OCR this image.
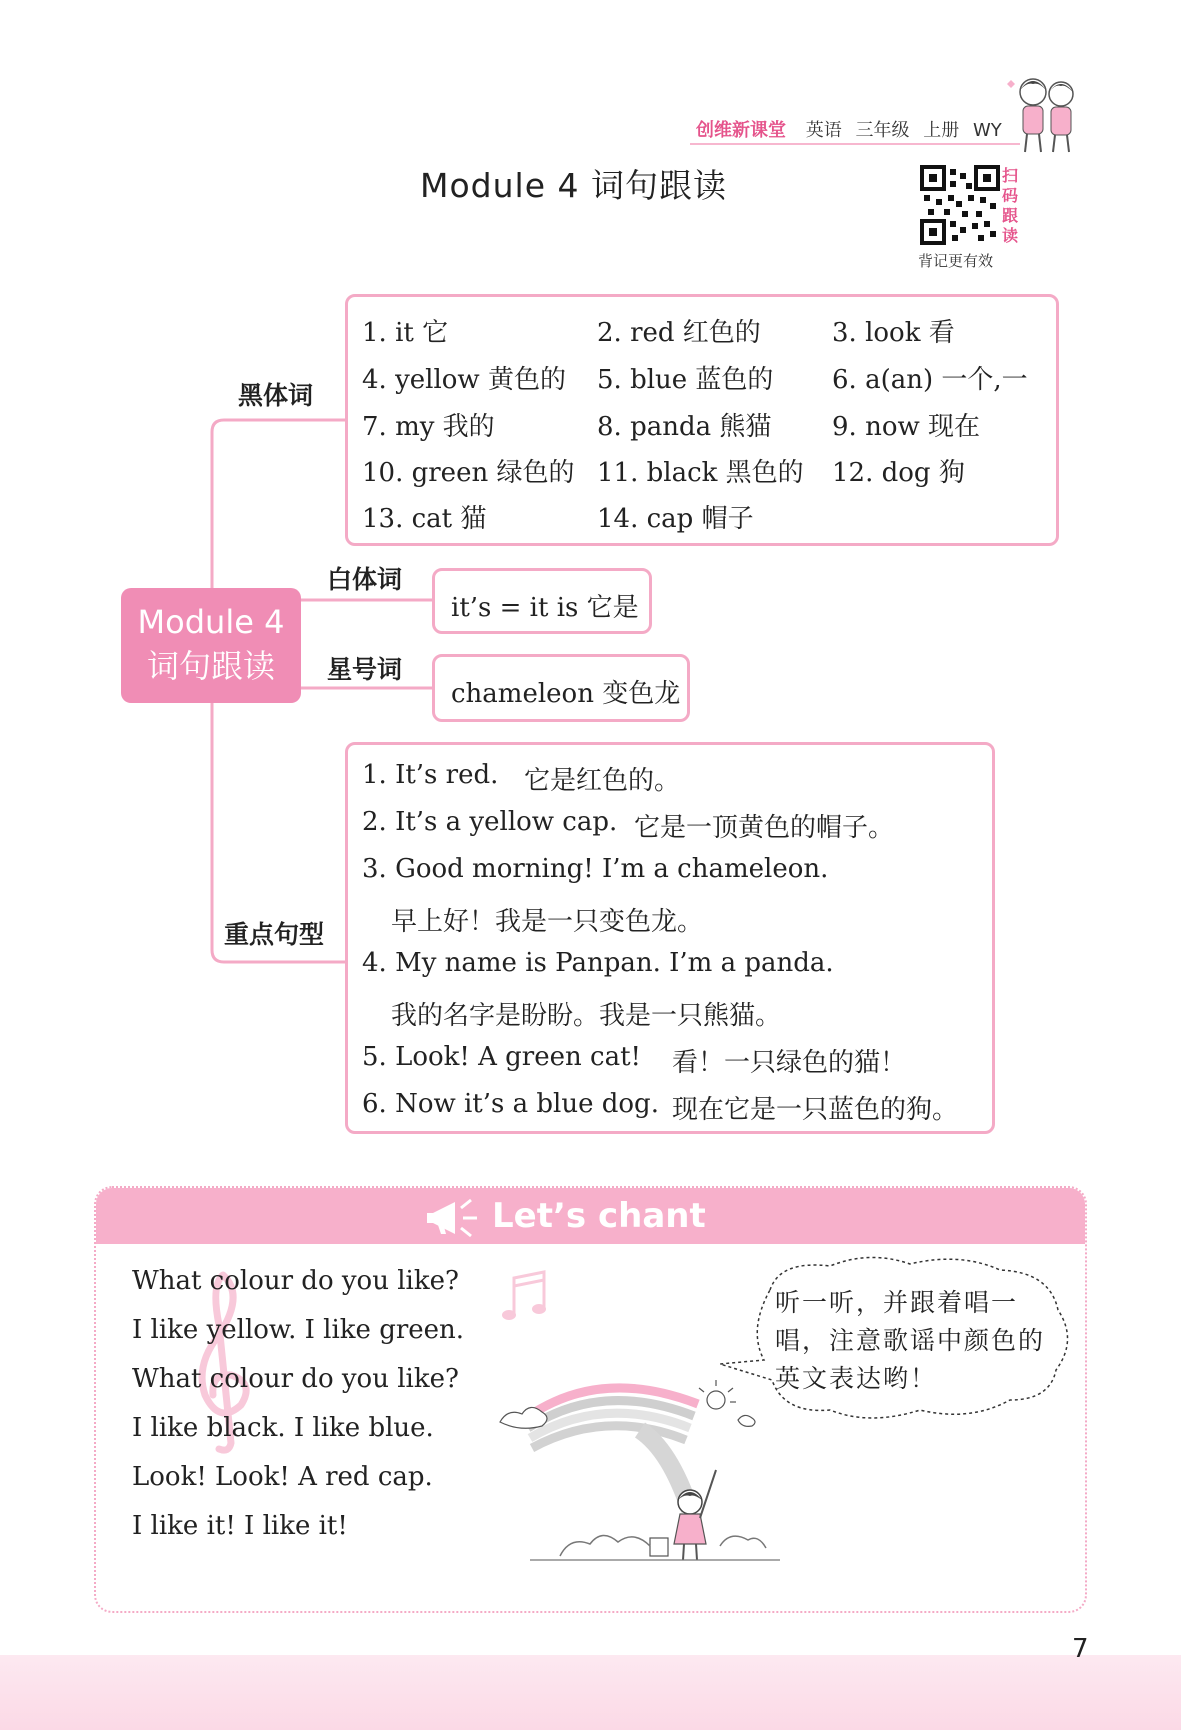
创维新课堂 英语 三年级 上册 WY
Module 4 词句跟读	扫
码
跟
读
背记更有效
黑体词
1. it 它	2. red 红色的	3. look 看
4. yellow 黄色的 5. blue 蓝色的 6. a(an) 一个,一
7. my 我的	8. panda 熊猫 9. now 现在
10. green 绿色的 11. black 黑色的 12. dog 狗
13. cat 猫	14. cap 帽子
Module 4
词句跟读
白体词
it’s = it is 它是
星号词
chameleon 变色龙
重点句型
1. It’s red. 它是红色的。
2. It’s a yellow cap. 它是一顶黄色的帽子。
3. Good morning! I’m a chameleon.
早上好！我是一只变色龙。
4. My name is Panpan. I’m a panda.
我的名字是盼盼。我是一只熊猫。
5. Look! A green cat! 看！一只绿色的猫！
6. Now it’s a blue dog. 现在它是一只蓝色的狗。
Let’s chant
What colour do you like?
I like yellow. I like green.
What colour do you like?
I like black. I like blue.
Look! Look! A red cap.
I like it! I like it!
听一听，并跟着唱一唱，注意歌谣中颜色的英文表达哟！
7
